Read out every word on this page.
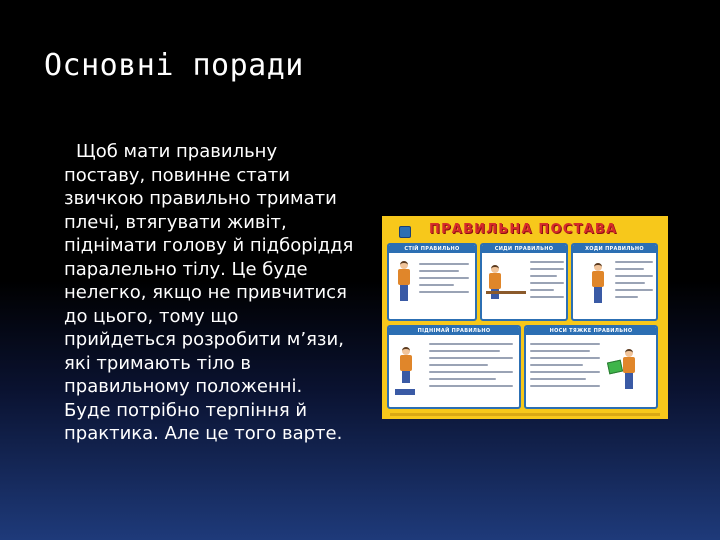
Основні поради
Щоб мати правильну поставу, повинне стати звичкою правильно тримати плечі, втягувати живіт, піднімати голову й підборіддя паралельно тілу. Це буде нелегко, якщо не привчитися до цього, тому що прийдеться розробити м’язи, які тримають тіло в правильному положенні. Буде потрібно терпіння й практика. Але це того варте.
ПРАВИЛЬНА ПОСТАВА
СТІЙ ПРАВИЛЬНО	СИДИ ПРАВИЛЬНО	ХОДИ ПРАВИЛЬНО
ПІДНІМАЙ ПРАВИЛЬНО	НОСИ ТЯЖКЕ ПРАВИЛЬНО
